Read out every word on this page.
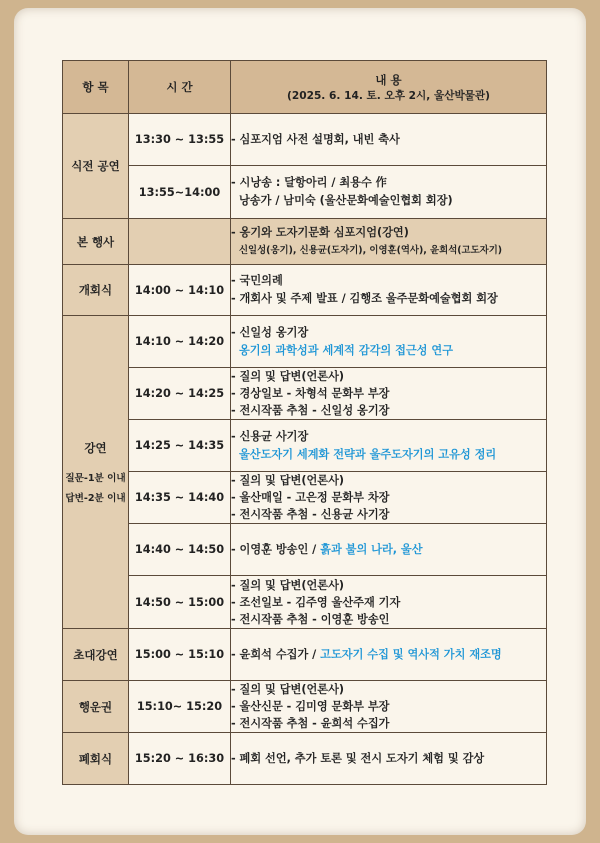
항 목	시 간	내 용
(2025. 6. 14. 토. 오후 2시, 울산박물관)

식전 공연	13:30 ~ 13:55	- 심포지엄 사전 설명회, 내빈 축사

	13:55~14:00	- 시낭송 : 달항아리 / 최용수 作
낭송가 / 남미숙 (울산문화예술인협회 회장)

본 행사		- 옹기와 도자기문화 심포지엄(강연)
신일성(옹기), 신용균(도자기), 이영훈(역사), 윤희석(고도자기)

개회식	14:00 ~ 14:10	- 국민의례
- 개회사 및 주제 발표 / 김행조 울주문화예술협회 회장

강연
질문-1분 이내
답변-2분 이내	14:10 ~ 14:20	- 신일성 옹기장
옹기의 과학성과 세계적 감각의 접근성 연구

	14:20 ~ 14:25	- 질의 및 답변(언론사)
- 경상일보 - 차형석 문화부 부장
- 전시작품 추첨 - 신일성 옹기장

	14:25 ~ 14:35	- 신용균 사기장
울산도자기 세계화 전략과 울주도자기의 고유성 정리

	14:35 ~ 14:40	- 질의 및 답변(언론사)
- 울산매일 - 고은정 문화부 차장
- 전시작품 추첨 - 신용균 사기장

	14:40 ~ 14:50	- 이영훈 방송인 / 흙과 불의 나라, 울산

	14:50 ~ 15:00	- 질의 및 답변(언론사)
- 조선일보 - 김주영 울산주재 기자
- 전시작품 추첨 - 이영훈 방송인

초대강연	15:00 ~ 15:10	- 윤희석 수집가 / 고도자기 수집 및 역사적 가치 재조명

행운권	15:10~ 15:20	- 질의 및 답변(언론사)
- 울산신문 - 김미영 문화부 부장
- 전시작품 추첨 - 윤희석 수집가

폐회식	15:20 ~ 16:30	- 폐회 선언, 추가 토론 및 전시 도자기 체험 및 감상
